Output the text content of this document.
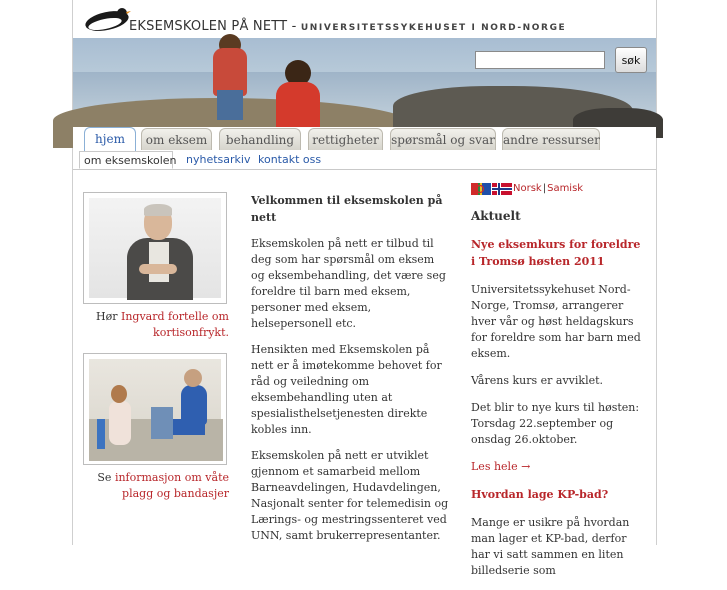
EKSEMSKOLEN PÅ NETT - UNIVERSITETSSYKEHUSET I NORD-NORGE
søk
hjem	om eksem	behandling	rettigheter	spørsmål og svar andre ressurser
om eksemskolen nyhetsarkiv kontakt oss
Hør Ingvard fortelle om kortisonfrykt.
Se informasjon om våte plagg og bandasjer
Velkommen til eksemskolen på nett

Eksemskolen på nett er tilbud til deg som har spørsmål om eksem og eksembehandling, det være seg foreldre til barn med eksem, personer med eksem, helsepersonell etc.

Hensikten med Eksemskolen på nett er å imøtekomme behovet for råd og veiledning om eksembehandling uten at spesialisthelsetjenesten direkte kobles inn.

Eksemskolen på nett er utviklet gjennom et samarbeid mellom Barneavdelingen, Hudavdelingen, Nasjonalt senter for telemedisin og Lærings- og mestringssenteret ved UNN, samt brukerrepresentanter.

Norsk | Samisk
Aktuelt
Nye eksemkurs for foreldre i Tromsø høsten 2011

Universitetssykehuset Nord-Norge, Tromsø, arrangerer hver vår og høst heldagskurs for foreldre som har barn med eksem.

Vårens kurs er avviklet.

Det blir to nye kurs til høsten: Torsdag 22.september og onsdag 26.oktober.

Les hele →

Hvordan lage KP-bad?

Mange er usikre på hvordan man lager et KP-bad, derfor har vi satt sammen en liten billedserie som
